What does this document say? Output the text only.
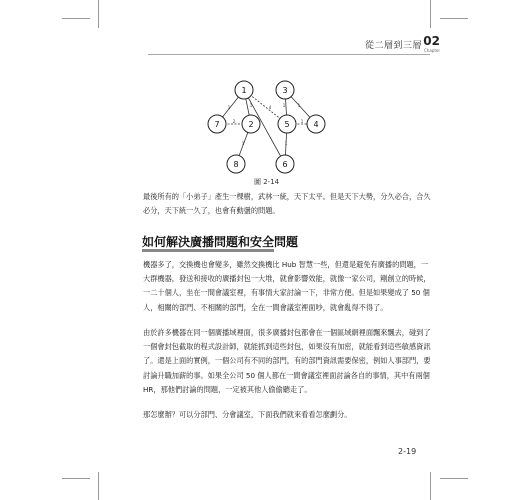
從二層到三層 02
Chapter
1
2
1	4
1
1	1
1
1
1	3
7	2	5	4
8	6
圖 2-14

最後所有的「小弟子」產生一棵樹，武林一統，天下太平。但是天下大勢，分久必合，合久必分，天下統一久了，也會有動盪的問題。

如何解決廣播問題和安全問題

機器多了，交換機也會變多，雖然交換機比 Hub 智慧一些，但還是避免有廣播的問題，一大群機器，發送和接收的廣播封包一大堆，就會影響效能，就像一家公司，剛創立的時候，一二十個人，坐在一間會議室裡，有事情大家討論一下，非常方便。但是如果變成了 50 個人，相關的部門、不相關的部門，全在一間會議室裡面吵，就會亂得不得了。

由於許多機器在同一個廣播域裡面，很多廣播封包都會在一個區域網裡面飄來飄去，碰到了一個會封包截取的程式設計師，就能抓到這些封包，如果沒有加密，就能看到這些敏感資訊了。還是上面的實例，一個公司有不同的部門，有的部門資訊需要保密，例如人事部門，要討論升職加薪的事。如果全公司 50 個人都在一間會議室裡面討論各自的事情，其中有兩個 HR，那他們討論的問題，一定被其他人偷偷聽走了。

那怎麼辦？可以分部門、分會議室，下面我們就來看看怎麼劃分。

2-19
